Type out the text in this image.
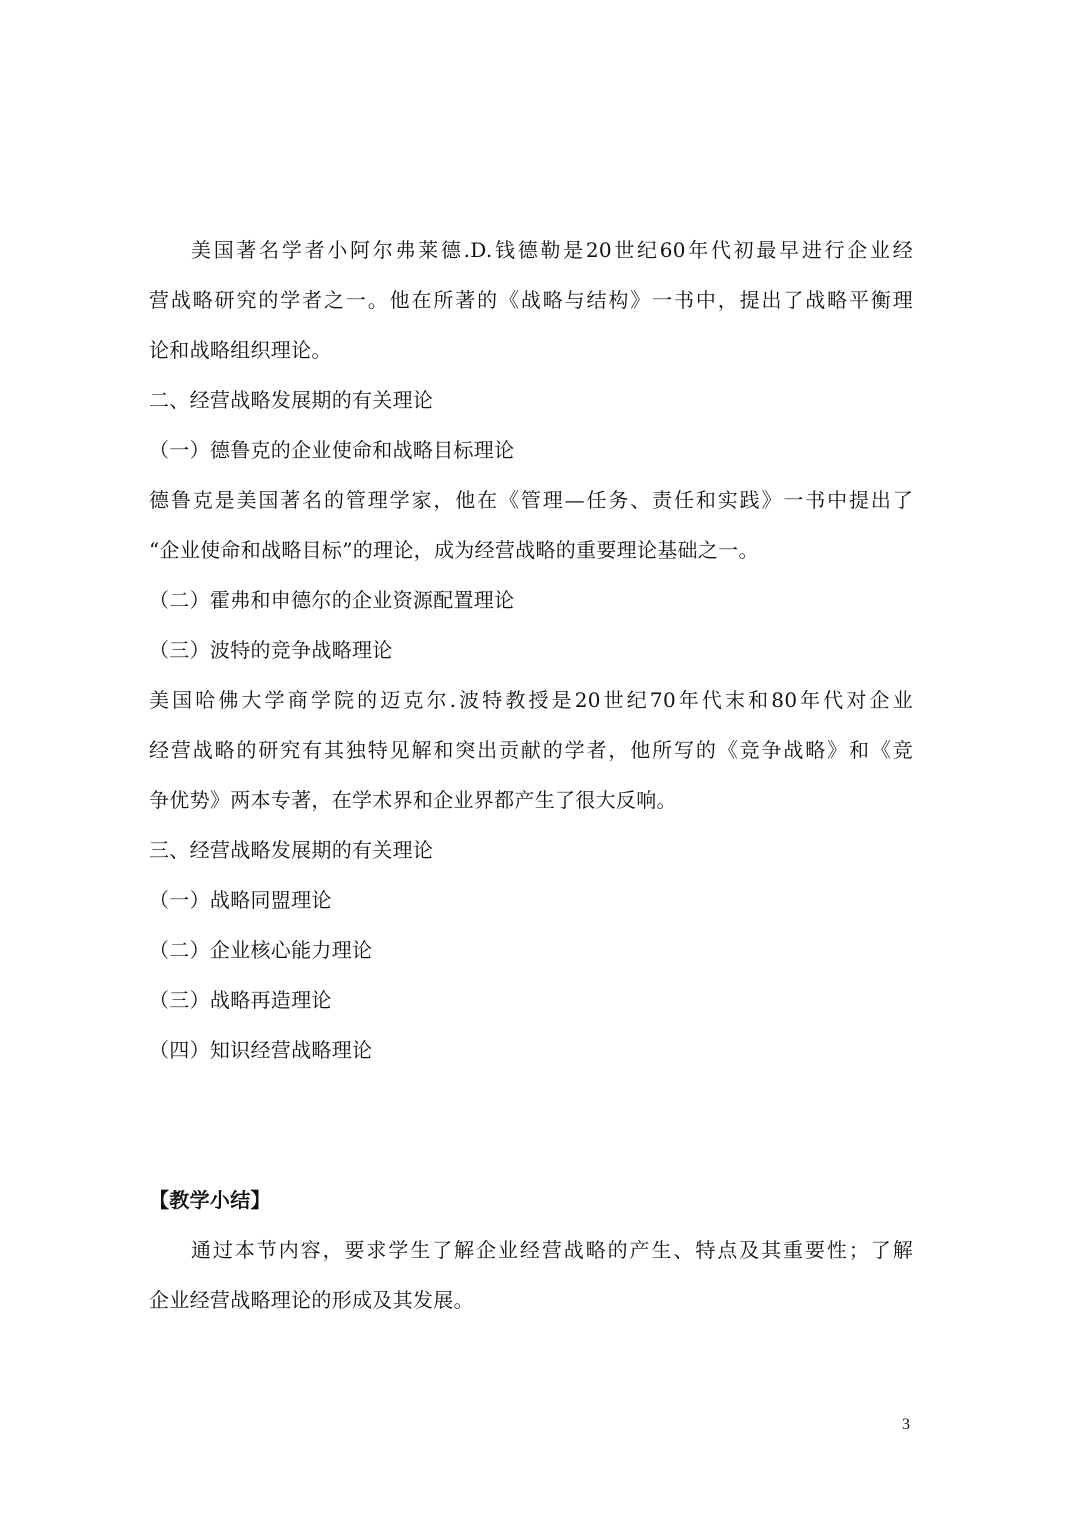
美国著名学者小阿尔弗莱德.D.钱德勒是20世纪60年代初最早进行企业经
营战略研究的学者之一。他在所著的《战略与结构》一书中，提出了战略平衡理
论和战略组织理论。
二、经营战略发展期的有关理论
（一）德鲁克的企业使命和战略目标理论
德鲁克是美国著名的管理学家，他在《管理—任务、责任和实践》一书中提出了
“企业使命和战略目标”的理论，成为经营战略的重要理论基础之一。
（二）霍弗和申德尔的企业资源配置理论
（三）波特的竞争战略理论
美国哈佛大学商学院的迈克尔.波特教授是20世纪70年代末和80年代对企业
经营战略的研究有其独特见解和突出贡献的学者，他所写的《竞争战略》和《竞
争优势》两本专著，在学术界和企业界都产生了很大反响。
三、经营战略发展期的有关理论
（一）战略同盟理论
（二）企业核心能力理论
（三）战略再造理论
（四）知识经营战略理论
【教学小结】
通过本节内容，要求学生了解企业经营战略的产生、特点及其重要性；了解
企业经营战略理论的形成及其发展。
3
